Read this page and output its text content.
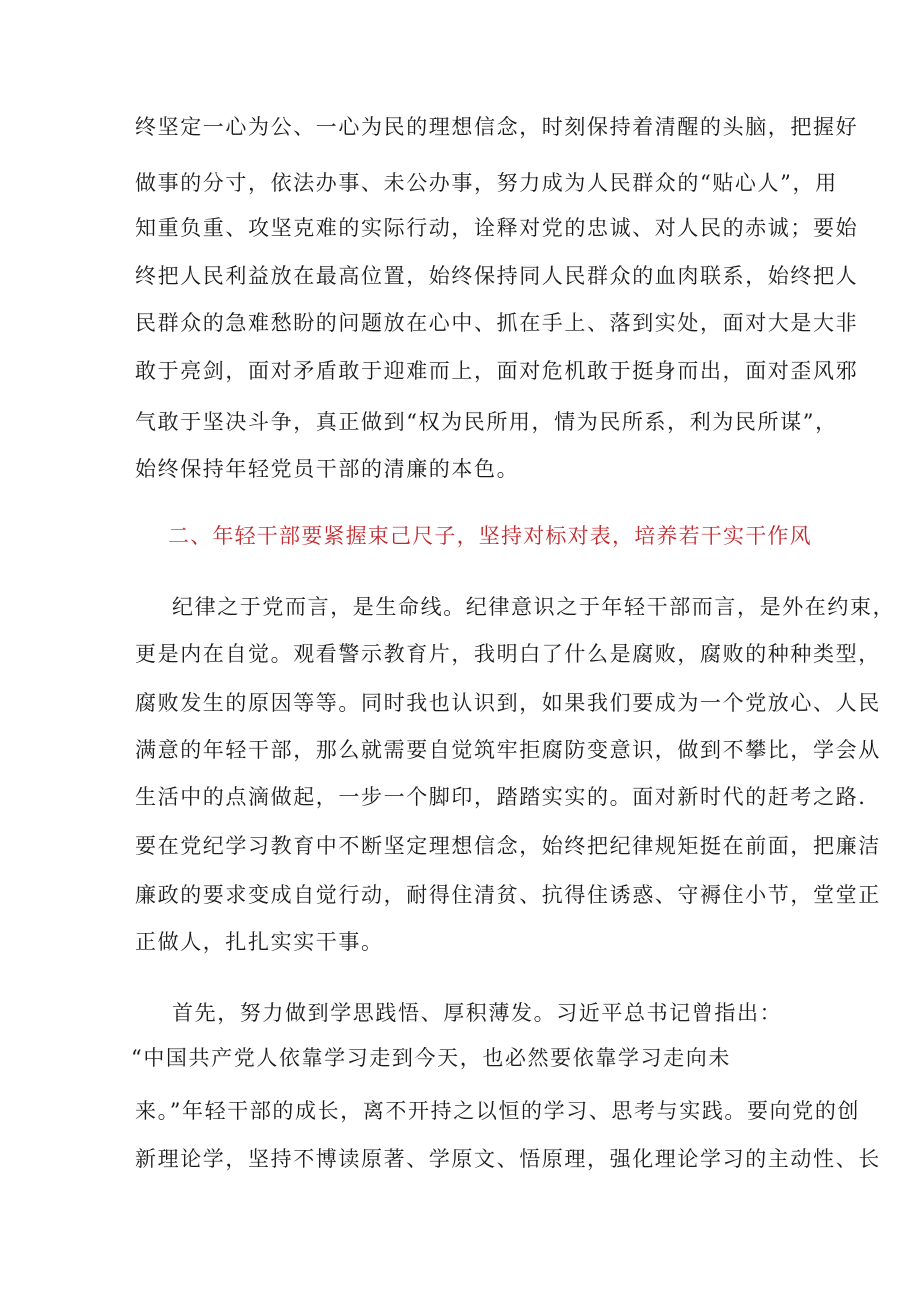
终坚定一心为公、一心为民的理想信念，时刻保持着清醒的头脑，把握好

做事的分寸，依法办事、未公办事，努力成为人民群众的“贴心人”，用

知重负重、攻坚克难的实际行动，诠释对党的忠诚、对人民的赤诚；要始

终把人民利益放在最高位置，始终保持同人民群众的血肉联系，始终把人

民群众的急难愁盼的问题放在心中、抓在手上、落到实处，面对大是大非

敢于亮剑，面对矛盾敢于迎难而上，面对危机敢于挺身而出，面对歪风邪

气敢于坚决斗争，真正做到“权为民所用，情为民所系，利为民所谋”，

始终保持年轻党员干部的清廉的本色。

二、年轻干部要紧握束己尺子，坚持对标对表，培养若干实干作风

纪律之于党而言，是生命线。纪律意识之于年轻干部而言，是外在约束，

更是内在自觉。观看警示教育片，我明白了什么是腐败，腐败的种种类型，

腐败发生的原因等等。同时我也认识到，如果我们要成为一个党放心、人民

满意的年轻干部，那么就需要自觉筑牢拒腐防变意识，做到不攀比，学会从

生活中的点滴做起，一步一个脚印，踏踏实实的。面对新时代的赶考之路.

要在党纪学习教育中不断坚定理想信念，始终把纪律规矩挺在前面，把廉洁

廉政的要求变成自觉行动，耐得住清贫、抗得住诱惑、守褥住小节，堂堂正

正做人，扎扎实实干事。

首先，努力做到学思践悟、厚积薄发。习近平总书记曾指出：

“中国共产党人依靠学习走到今天，也必然要依靠学习走向未

来。”年轻干部的成长，离不开持之以恒的学习、思考与实践。要向党的创

新理论学，坚持不博读原著、学原文、悟原理，强化理论学习的主动性、长
